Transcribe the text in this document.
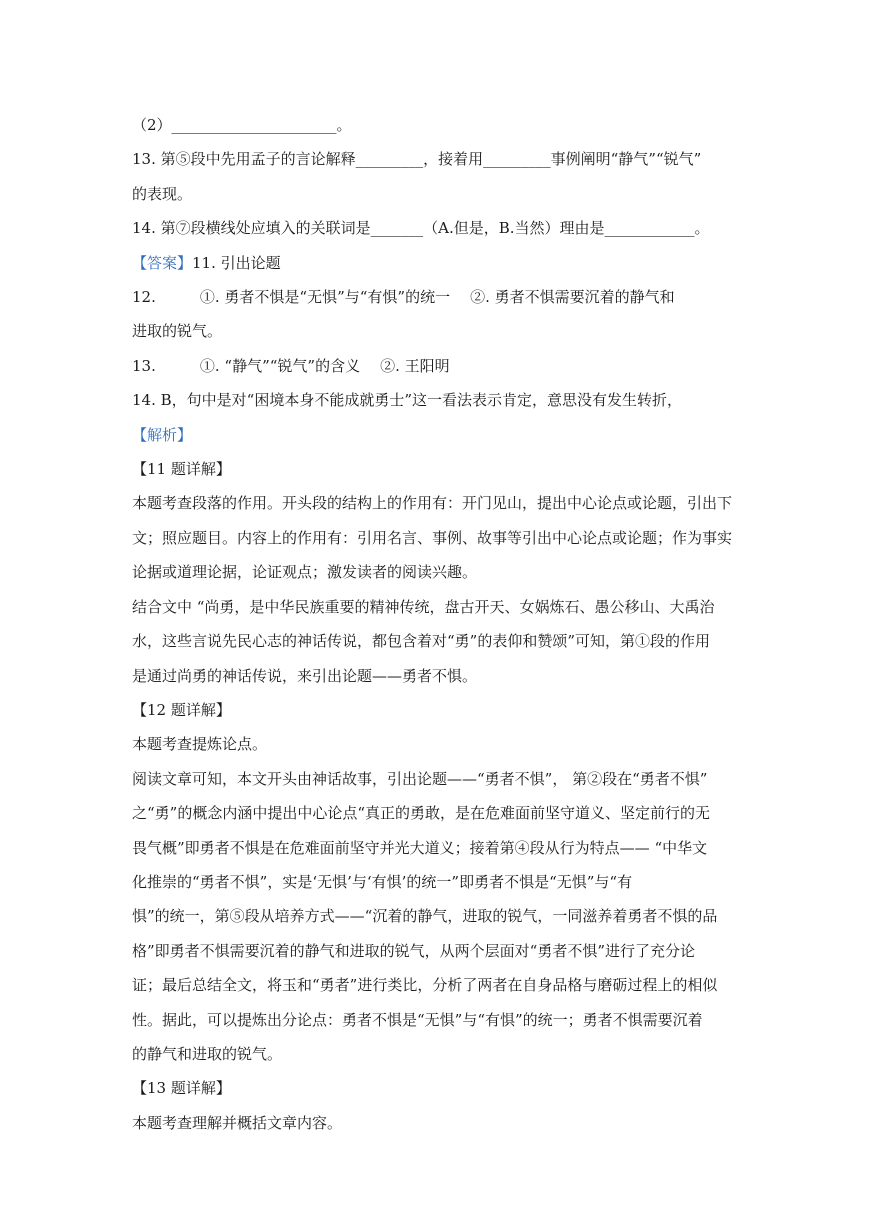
（2）______________________。
13. 第⑤段中先用孟子的言论解释_________，接着用_________事例阐明“静气”“锐气”
的表现。
14. 第⑦段横线处应填入的关联词是_______（A.但是，B.当然）理由是____________。
【答案】11. 引出论题
12.	①. 勇者不惧是“无惧”与“有惧”的统一 ②. 勇者不惧需要沉着的静气和
进取的锐气。
13.	①. “静气”“锐气”的含义 ②. 王阳明
14. B，句中是对“困境本身不能成就勇士”这一看法表示肯定，意思没有发生转折，
【解析】
【11 题详解】
本题考查段落的作用。开头段的结构上的作用有：开门见山，提出中心论点或论题，引出下
文；照应题目。内容上的作用有：引用名言、事例、故事等引出中心论点或论题；作为事实
论据或道理论据，论证观点；激发读者的阅读兴趣。
结合文中 “尚勇，是中华民族重要的精神传统，盘古开天、女娲炼石、愚公移山、大禹治
水，这些言说先民心志的神话传说，都包含着对“勇”的表仰和赞颂”可知，第①段的作用
是通过尚勇的神话传说，来引出论题——勇者不惧。
【12 题详解】
本题考查提炼论点。
阅读文章可知，本文开头由神话故事，引出论题——“勇者不惧”， 第②段在“勇者不惧”
之“勇”的概念内涵中提出中心论点“真正的勇敢，是在危难面前坚守道义、坚定前行的无
畏气概”即勇者不惧是在危难面前坚守并光大道义；接着第④段从行为特点—— “中华文
化推崇的“勇者不惧”，实是‘无惧’与‘有惧’的统一”即勇者不惧是“无惧”与“有
惧”的统一，第⑤段从培养方式——“沉着的静气，进取的锐气，一同滋养着勇者不惧的品
格”即勇者不惧需要沉着的静气和进取的锐气，从两个层面对“勇者不惧”进行了充分论
证；最后总结全文，将玉和“勇者”进行类比，分析了两者在自身品格与磨砺过程上的相似
性。据此，可以提炼出分论点：勇者不惧是“无惧”与“有惧”的统一；勇者不惧需要沉着
的静气和进取的锐气。
【13 题详解】
本题考查理解并概括文章内容。
